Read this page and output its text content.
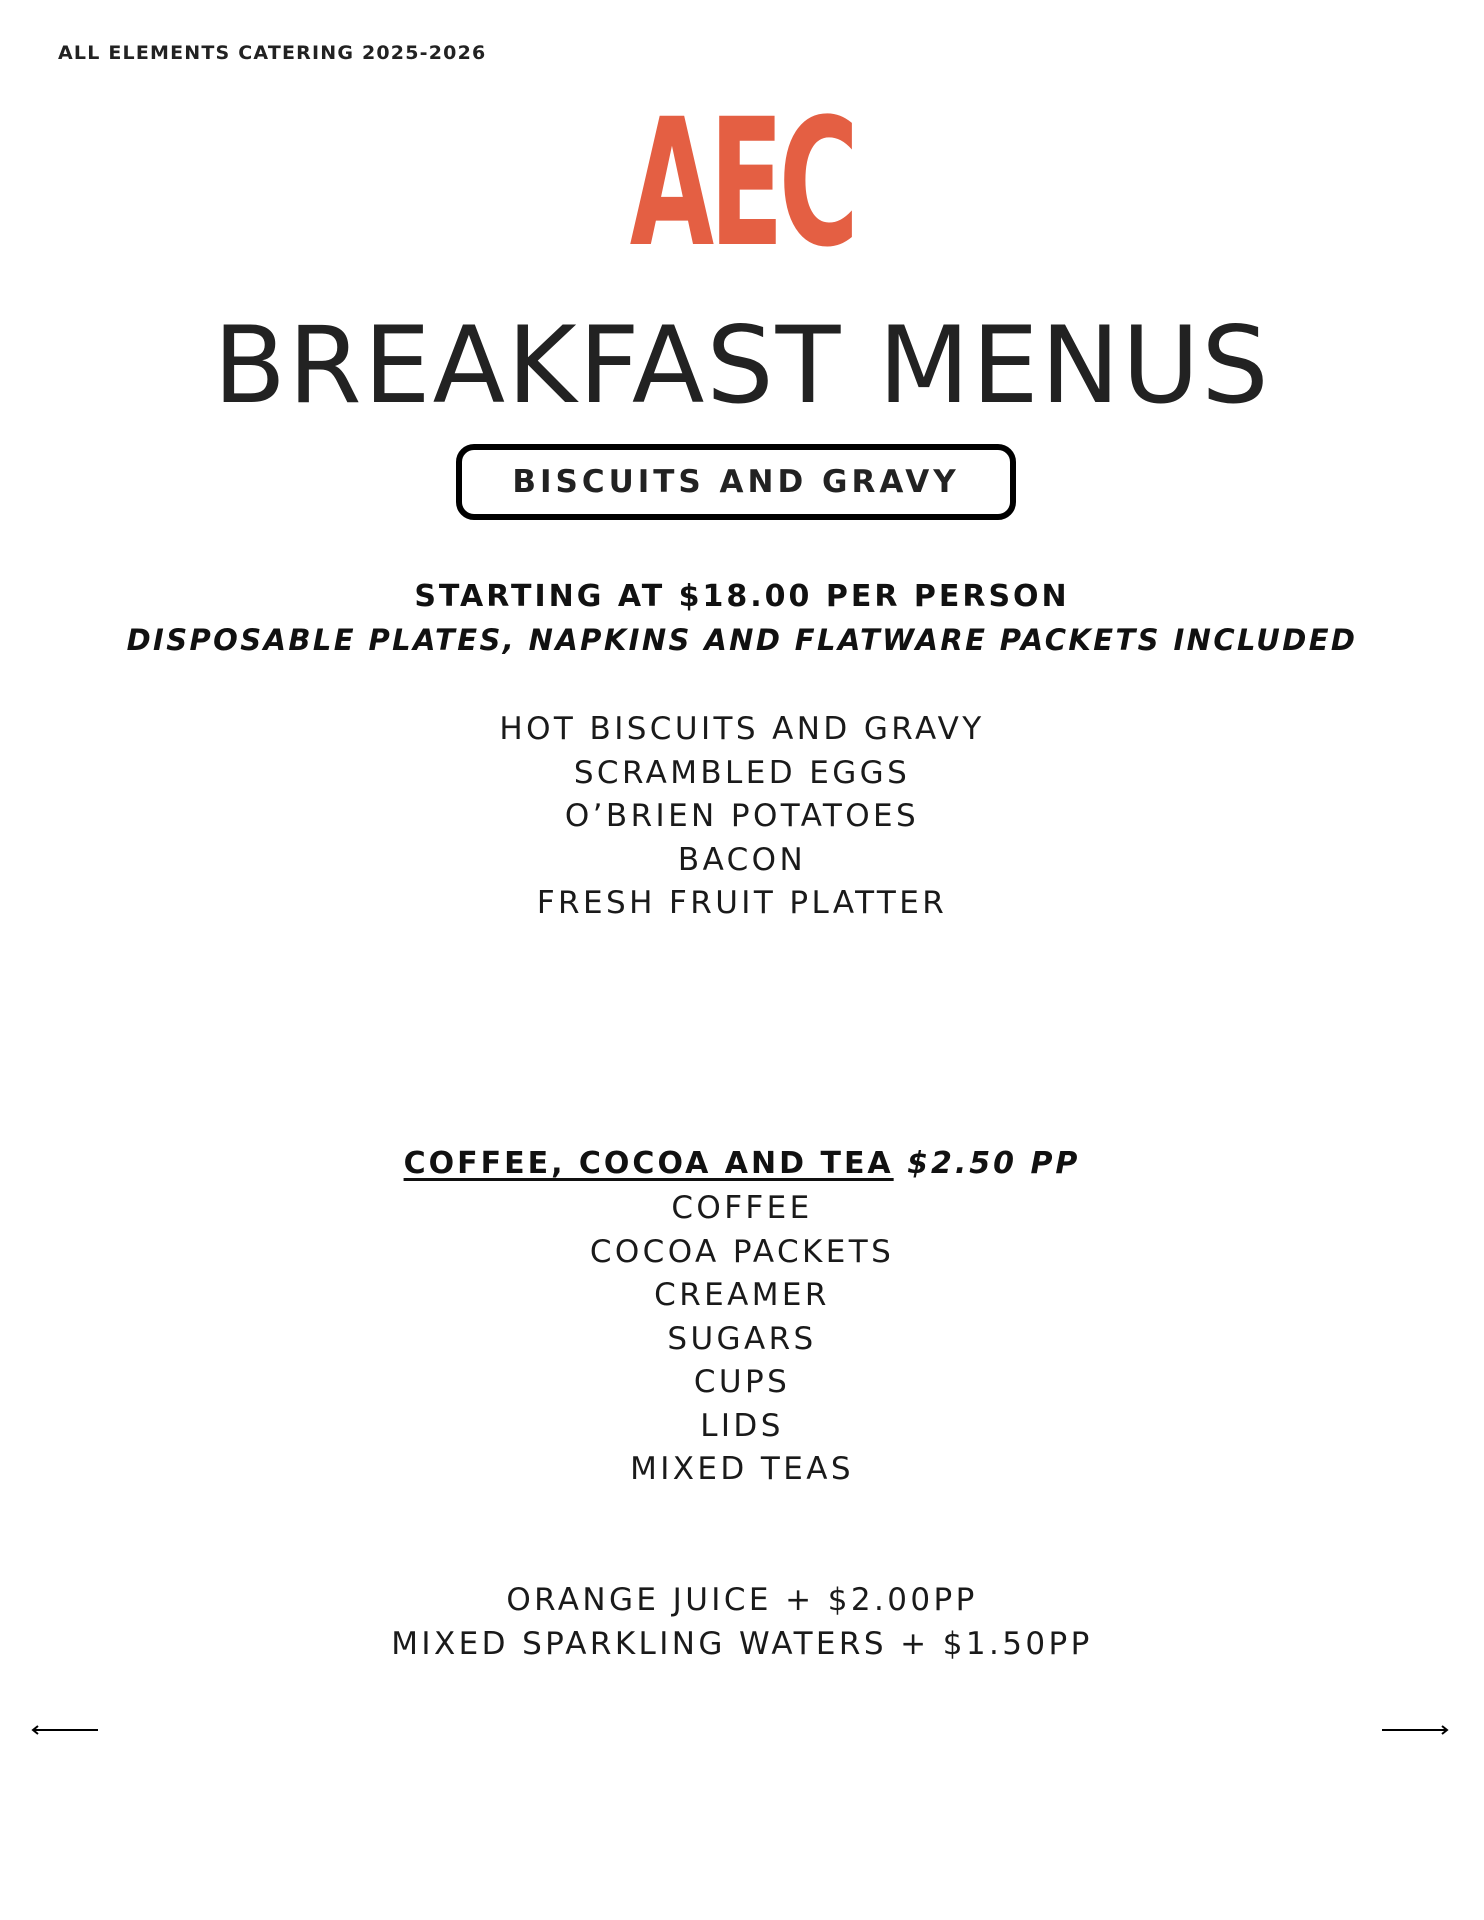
ALL ELEMENTS CATERING 2025-2026
AEC
BREAKFAST MENUS
BISCUITS AND GRAVY
STARTING AT $18.00 PER PERSON
DISPOSABLE PLATES, NAPKINS AND FLATWARE PACKETS INCLUDED
HOT BISCUITS AND GRAVY
SCRAMBLED EGGS
O’BRIEN POTATOES
BACON
FRESH FRUIT PLATTER
COFFEE, COCOA AND TEA $2.50 PP
COFFEE
COCOA PACKETS
CREAMER
SUGARS
CUPS
LIDS
MIXED TEAS
ORANGE JUICE + $2.00PP
MIXED SPARKLING WATERS + $1.50PP
